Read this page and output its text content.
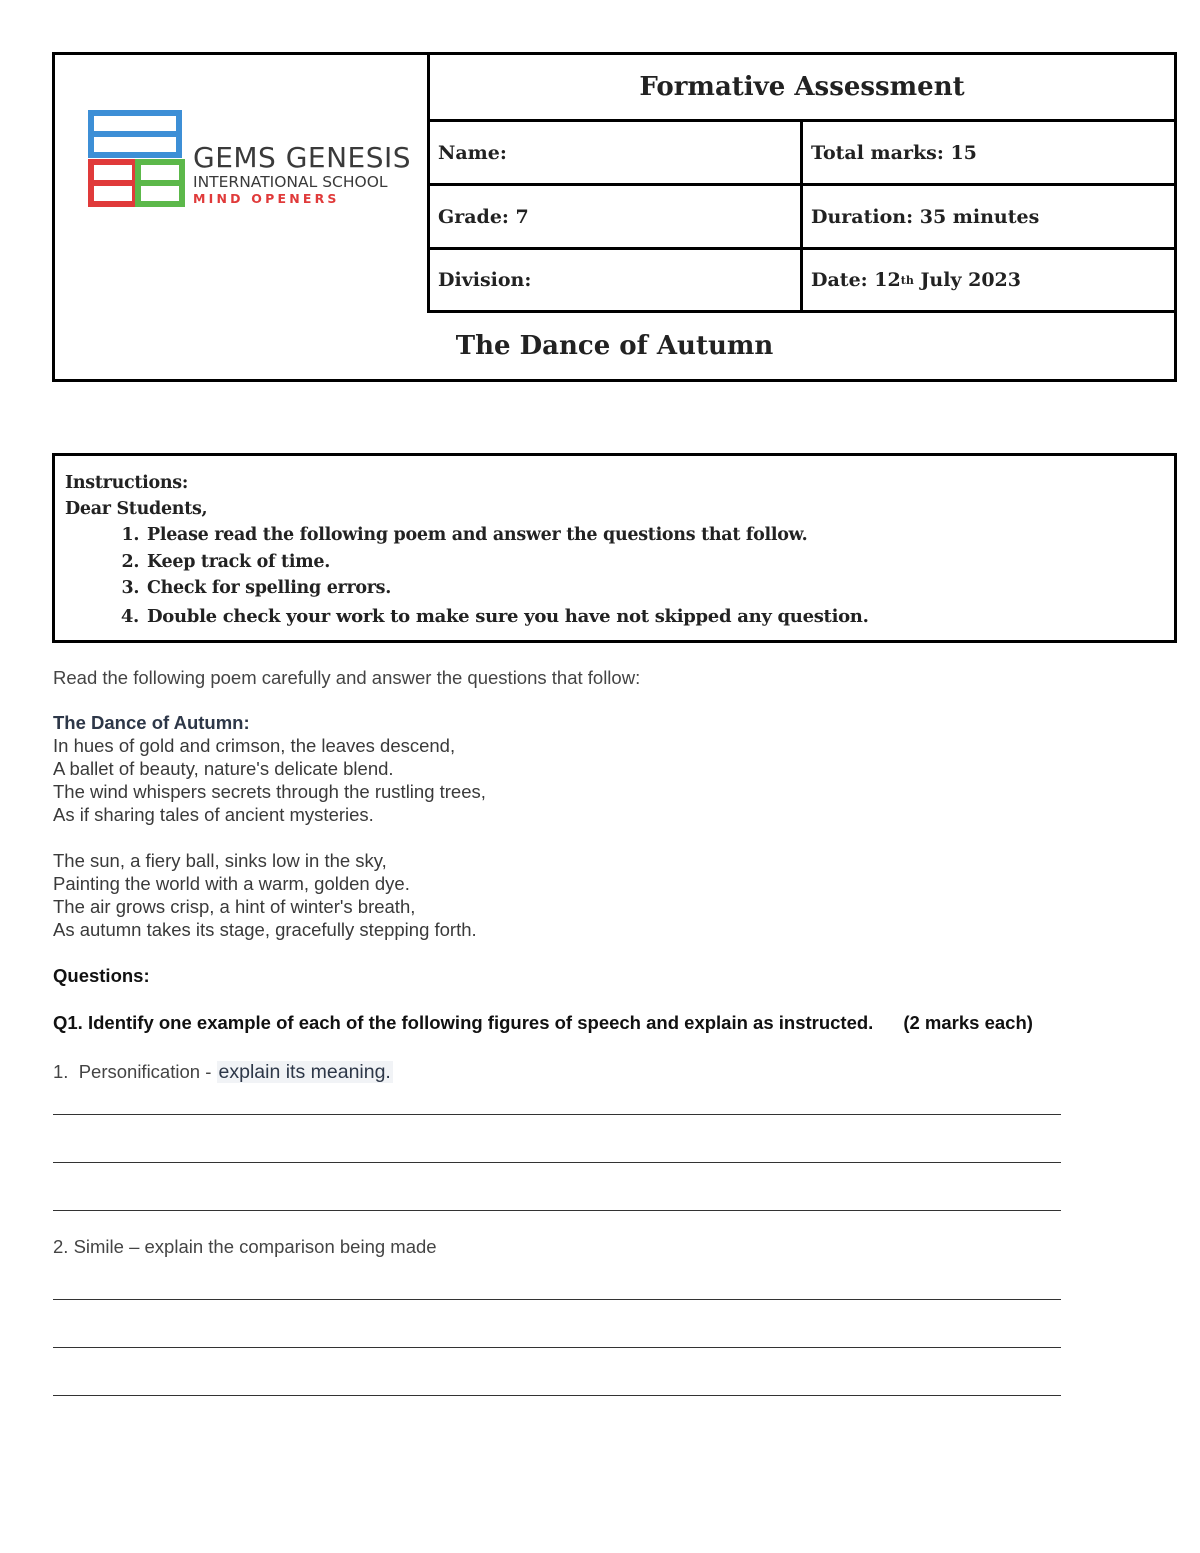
GEMS GENESIS
INTERNATIONAL SCHOOL
MIND OPENERS
Formative Assessment
Name:	Total marks: 15
Grade: 7	Duration: 35 minutes
Division:	Date: 12 th July 2023
The Dance of Autumn
Instructions:
Dear Students,
1. Please read the following poem and answer the questions that follow.
2. Keep track of time.
3. Check for spelling errors.
4. Double check your work to make sure you have not skipped any question.

Read the following poem carefully and answer the questions that follow:

The Dance of Autumn:
In hues of gold and crimson, the leaves descend,
A ballet of beauty, nature's delicate blend.
The wind whispers secrets through the rustling trees,
As if sharing tales of ancient mysteries.
The sun, a fiery ball, sinks low in the sky,
Painting the world with a warm, golden dye.
The air grows crisp, a hint of winter's breath,
As autumn takes its stage, gracefully stepping forth.
Questions:
Q1. Identify one example of each of the following figures of speech and explain as instructed. (2 marks each)
1.  Personification - explain its meaning.
2. Simile – explain the comparison being made
